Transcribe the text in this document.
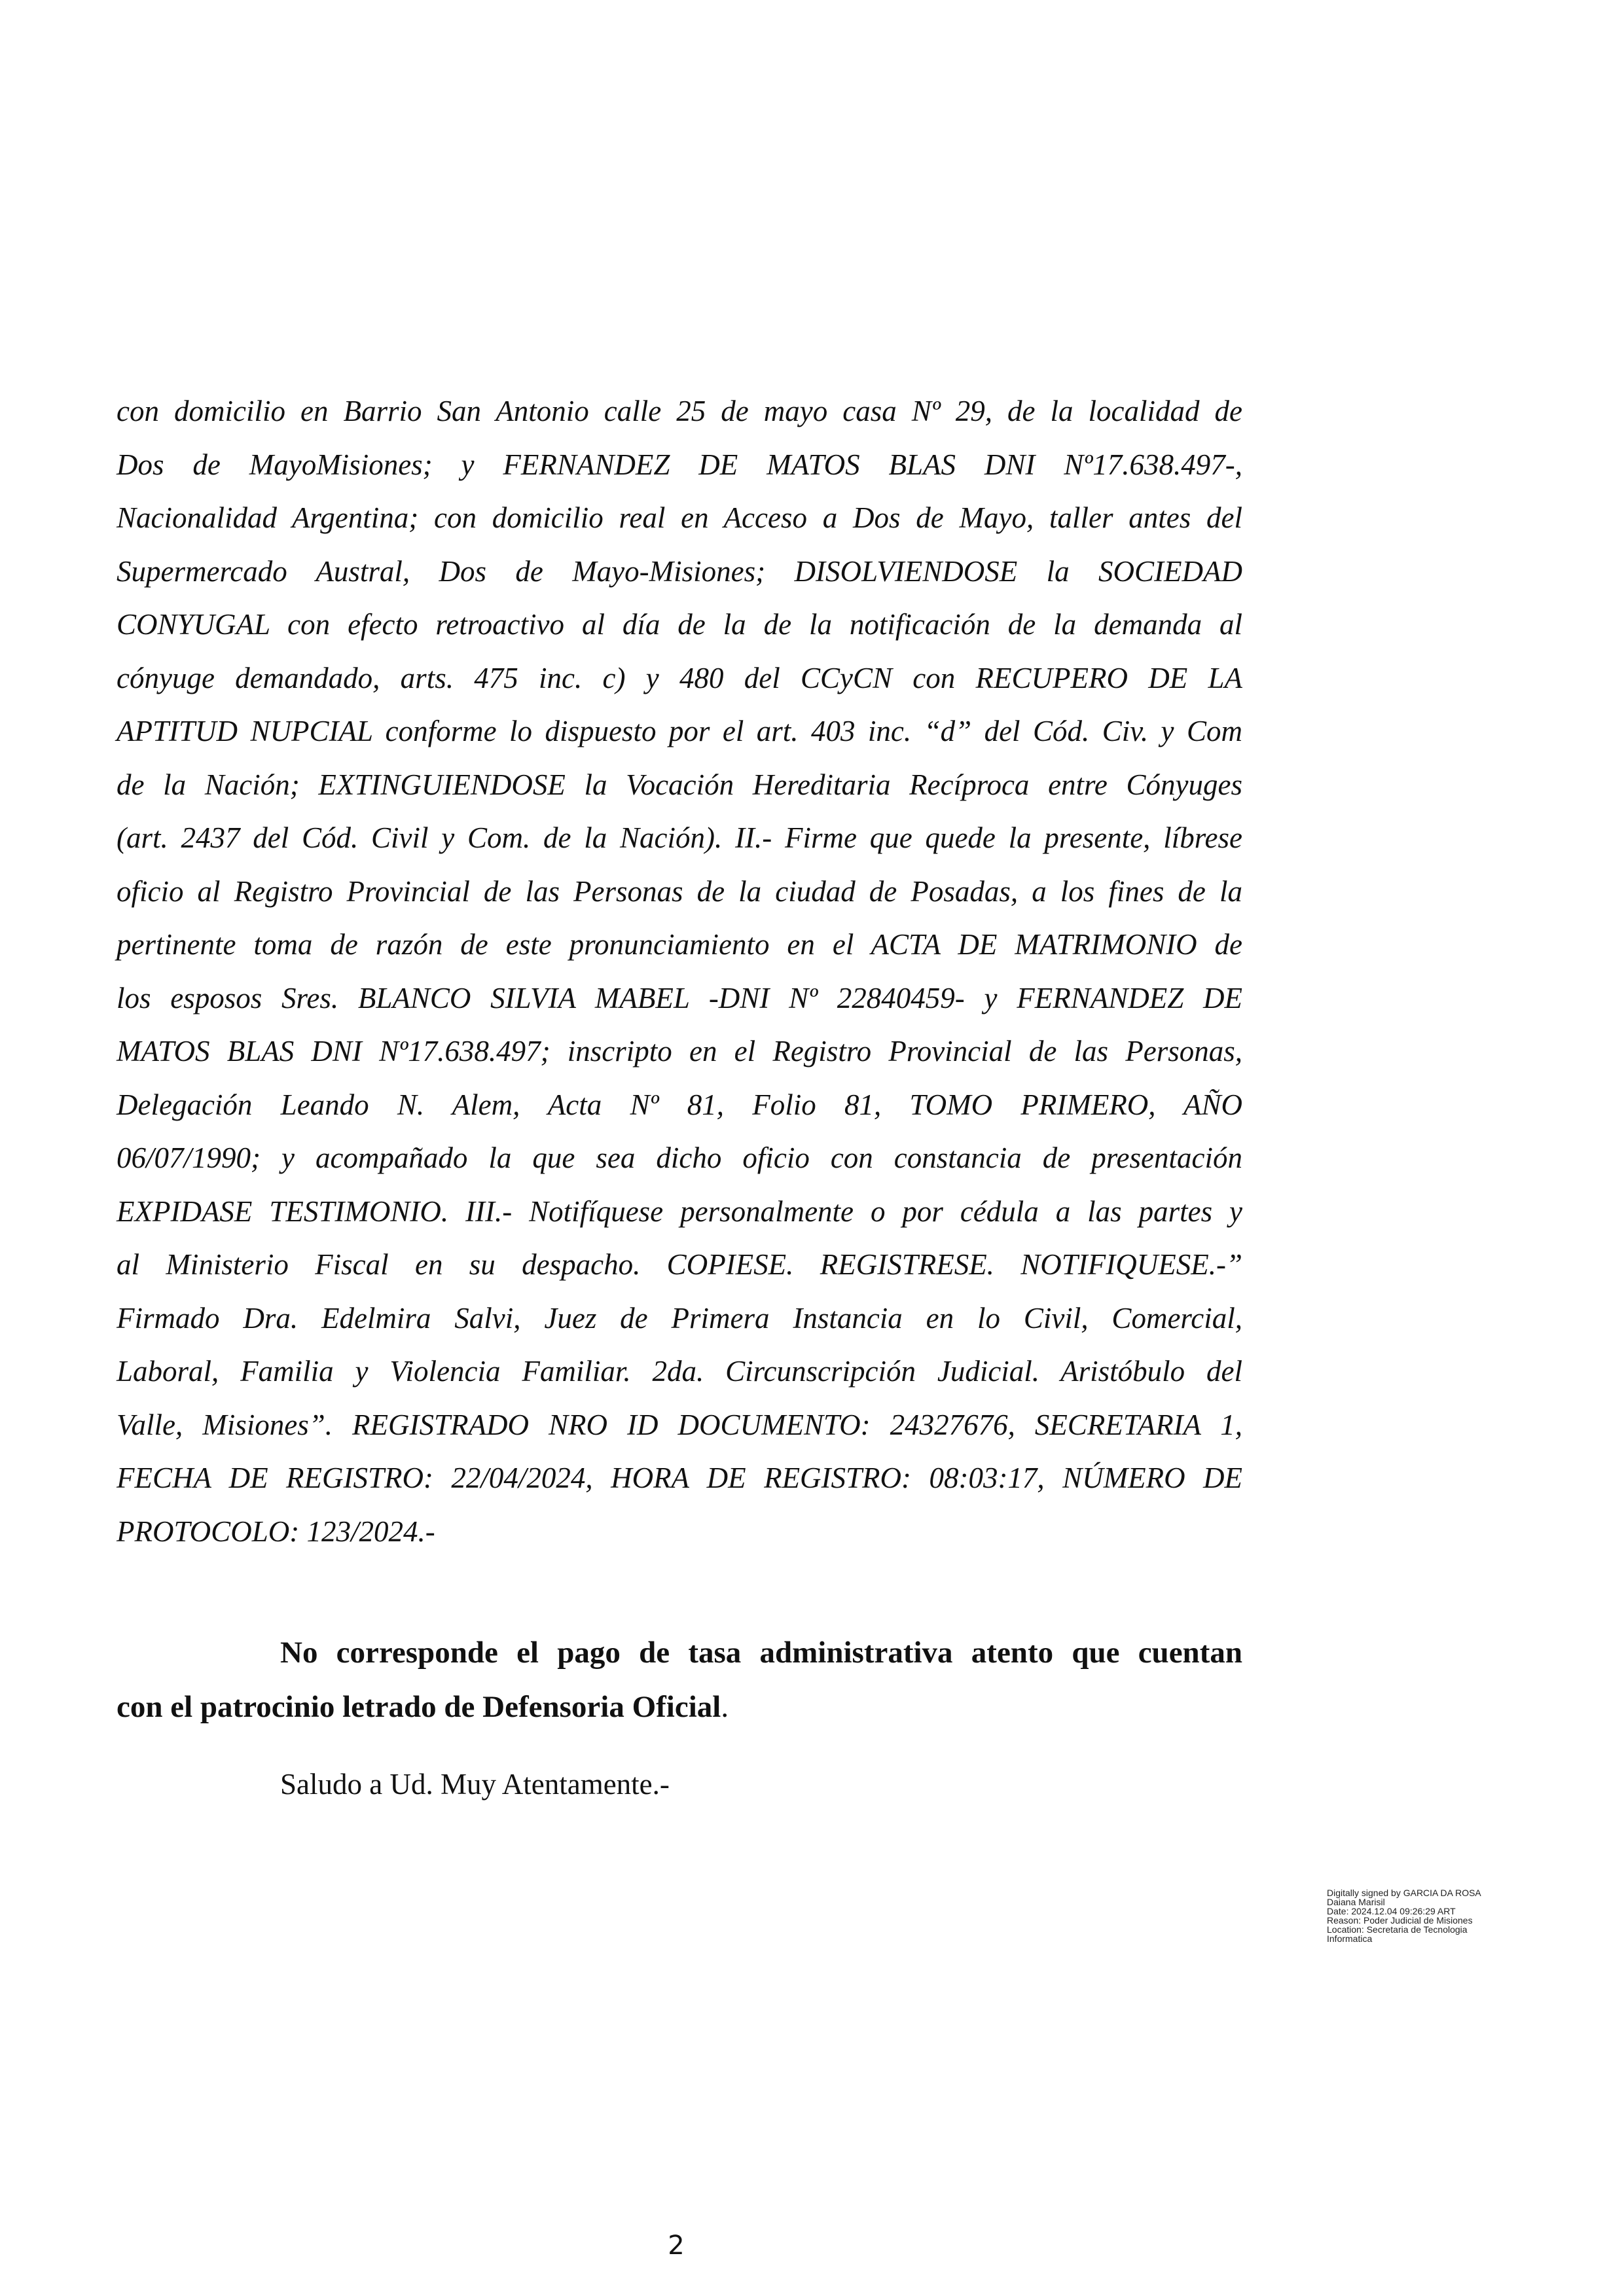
con domicilio en Barrio San Antonio calle 25 de mayo casa Nº 29, de la localidad de
Dos de MayoMisiones; y FERNANDEZ DE MATOS BLAS DNI Nº17.638.497-,
Nacionalidad Argentina; con domicilio real en Acceso a Dos de Mayo, taller antes del
Supermercado Austral, Dos de Mayo-Misiones; DISOLVIENDOSE la SOCIEDAD
CONYUGAL con efecto retroactivo al día de la de la notificación de la demanda al
cónyuge demandado, arts. 475 inc. c) y 480 del CCyCN con RECUPERO DE LA
APTITUD NUPCIAL conforme lo dispuesto por el art. 403 inc. “d” del Cód. Civ. y Com
de la Nación; EXTINGUIENDOSE la Vocación Hereditaria Recíproca entre Cónyuges
(art. 2437 del Cód. Civil y Com. de la Nación). II.- Firme que quede la presente, líbrese
oficio al Registro Provincial de las Personas de la ciudad de Posadas, a los fines de la
pertinente toma de razón de este pronunciamiento en el ACTA DE MATRIMONIO de
los esposos Sres. BLANCO SILVIA MABEL -DNI Nº 22840459- y FERNANDEZ DE
MATOS BLAS DNI Nº17.638.497; inscripto en el Registro Provincial de las Personas,
Delegación Leando N. Alem, Acta Nº 81, Folio 81, TOMO PRIMERO, AÑO
06/07/1990; y acompañado la que sea dicho oficio con constancia de presentación
EXPIDASE TESTIMONIO. III.- Notifíquese personalmente o por cédula a las partes y
al Ministerio Fiscal en su despacho. COPIESE. REGISTRESE. NOTIFIQUESE.-”
Firmado Dra. Edelmira Salvi, Juez de Primera Instancia en lo Civil, Comercial,
Laboral, Familia y Violencia Familiar. 2da. Circunscripción Judicial. Aristóbulo del
Valle, Misiones”. REGISTRADO NRO ID DOCUMENTO: 24327676, SECRETARIA 1,
FECHA DE REGISTRO: 22/04/2024, HORA DE REGISTRO: 08:03:17, NÚMERO DE
PROTOCOLO: 123/2024.-
No corresponde el pago de tasa administrativa atento que cuentan
con el patrocinio letrado de Defensoria Oficial.
Saludo a Ud. Muy Atentamente.-
Digitally signed by GARCIA DA ROSA
Daiana Marisil
Date: 2024.12.04 09:26:29 ART
Reason: Poder Judicial de Misiones
Location: Secretaria de Tecnologia
Informatica
2
